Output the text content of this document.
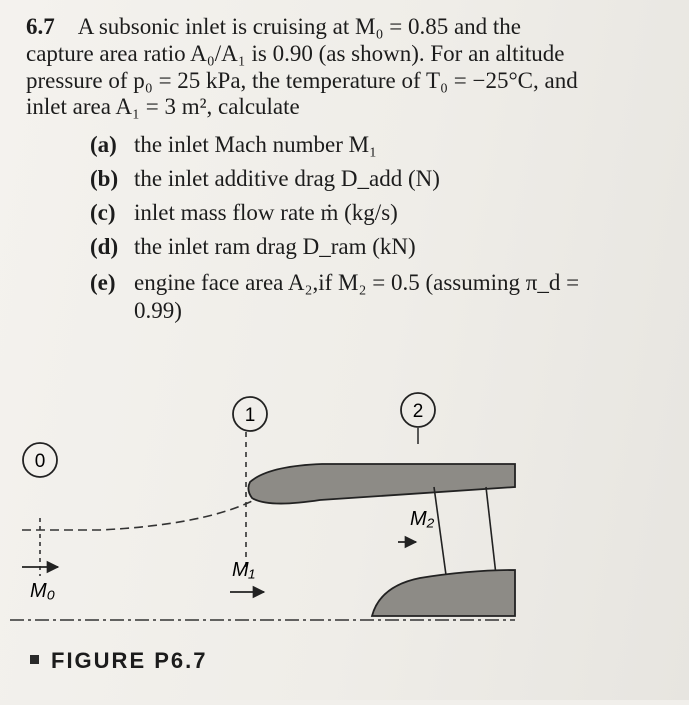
6.7 A subsonic inlet is cruising at M₀ = 0.85 and the
capture area ratio A₀/A₁ is 0.90 (as shown). For an altitude
pressure of p₀ = 25 kPa, the temperature of T₀ = −25°C, and
inlet area A₁ = 3 m², calculate
(a) the inlet Mach number M₁
(b) the inlet additive drag D_add (N)
(c) inlet mass flow rate ṁ (kg/s)
(d) the inlet ram drag D_ram (kN)
(e) engine face area A₂,if M₂ = 0.5 (assuming π_d =
0.99)
0
1	2
M₀
M₁
M₂
FIGURE P6.7
